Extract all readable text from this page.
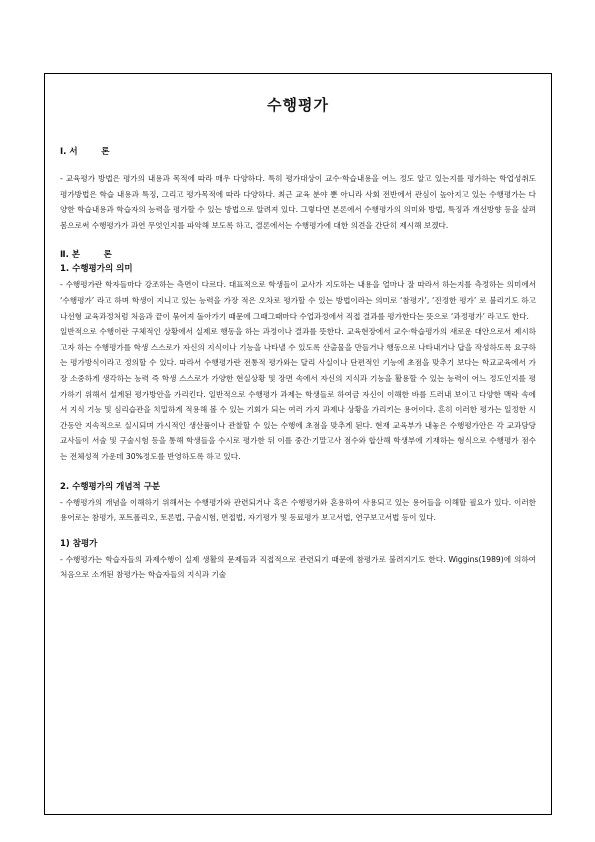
수행평가
Ⅰ. 서        론

- 교육평가 방법은 평가의 내용과 목적에 따라 매우 다양하다. 특히 평가대상이 교수·학습내용을 어느 정도 알고 있는지를 평가하는 학업성취도 평가방법은 학습 내용과 특징, 그리고 평가목적에 따라 다양하다. 최근 교육 분야 뿐 아니라 사회 전반에서 관심이 높아지고 있는 수행평가는 다양한 학습내용과 학습자의 능력을 평가할 수 있는 방법으로 알려져 있다. 그렇다면 본론에서 수행평가의 의미와 방법, 특징과 개선방향 등을 살펴봄으로써 수행평가가 과연 무엇인지를 파악해 보도록 하고, 결론에서는 수행평가에 대한 의견을 간단히 제시해 보겠다.

Ⅱ. 본        론
1. 수행평가의 의미

- 수행평가란 학자들마다 강조하는 측면이 다르다. 대표적으로 학생들이 교사가 지도하는 내용을 얼마나 잘 따라서 하는지를 측정하는 의미에서 ‘수행평가’ 라고 하며 학생이 지니고 있는 능력을 가장 적은 오차로 평가할 수 있는 방법이라는 의미로 ‘참평가’, ‘진정한 평가’ 로 불리기도 하고 나선형 교육과정처럼 처음과 끝이 묶어져 돌아가기 때문에 그때그때마다 수업과정에서 직접 결과를 평가한다는 뜻으로 ‘과정평가’ 라고도 한다.

일반적으로 수행이란 구체적인 상황에서 실제로 행동을 하는 과정이나 결과를 뜻한다. 교육현장에서 교수·학습평가의 새로운 대안으로서 제시하고자 하는 수행평가를 학생 스스로가 자신의 지식이나 기능을 나타낼 수 있도록 산출물을 만들거나 행동으로 나타내거나 답을 작성하도록 요구하는 평가방식이라고 정의할 수 있다. 따라서 수행평가란 전통적 평가와는 달리 사실이나 단편적인 기능에 초점을 맞추기 보다는 학교교육에서 가장 소중하게 생각하는 능력 즉 학생 스스로가 가양한 현실상황 및 장면 속에서 자신의 지식과 기능을 활용할 수 있는 능력이 어느 정도인지를 평가하기 위해서 설계된 평가방안을 가리킨다. 일반적으로 수행평가 과제는 학생들로 하여금 자신이 이해한 바를 드러내 보이고 다양한 맥락 속에서 지식 기능 및 심리습관을 치밀하게 적용해 볼 수 있는 기회가 되는 여러 가지 과제나 상황을 가리키는 용어이다. 흔히 이러한 평가는 일정한 시간동안 지속적으로 실시되며 가시적인 생산품이나 관찰할 수 있는 수행에 초점을 맞추게 된다. 현재 교육부가 내놓은 수행평가안은 각 교과담당 교사들이 서술 및 구술시험 등을 통해 학생들을 수시로 평가한 뒤 이를 중간·기말고사 점수와 합산해 학생부에 기재하는 형식으로 수행평가 점수는 전체성적 가운데 30%정도를 반영하도록 하고 있다.

2. 수행평가의 개념적 구분

- 수행평가의 개념을 이해하기 위해서는 수행평가와 관련되거나 혹은 수행평가와 혼용하여 사용되고 있는 용어들을 이해할 필요가 있다. 이러한 용어로는 참평가, 포트폴리오, 토론법, 구술시험, 면접법, 자기평가 및 동료평가 보고서법, 연구보고서법 등이 있다.

1) 참평가

- 수행평가는 학습자들의 과제수행이 실제 생활의 문제들과 직접적으로 관련되기 때문에 참평가로 불려지기도 한다. Wiggins(1989)에 의하여 처음으로 소개된 참평가는 학습자들의 지식과 기술
